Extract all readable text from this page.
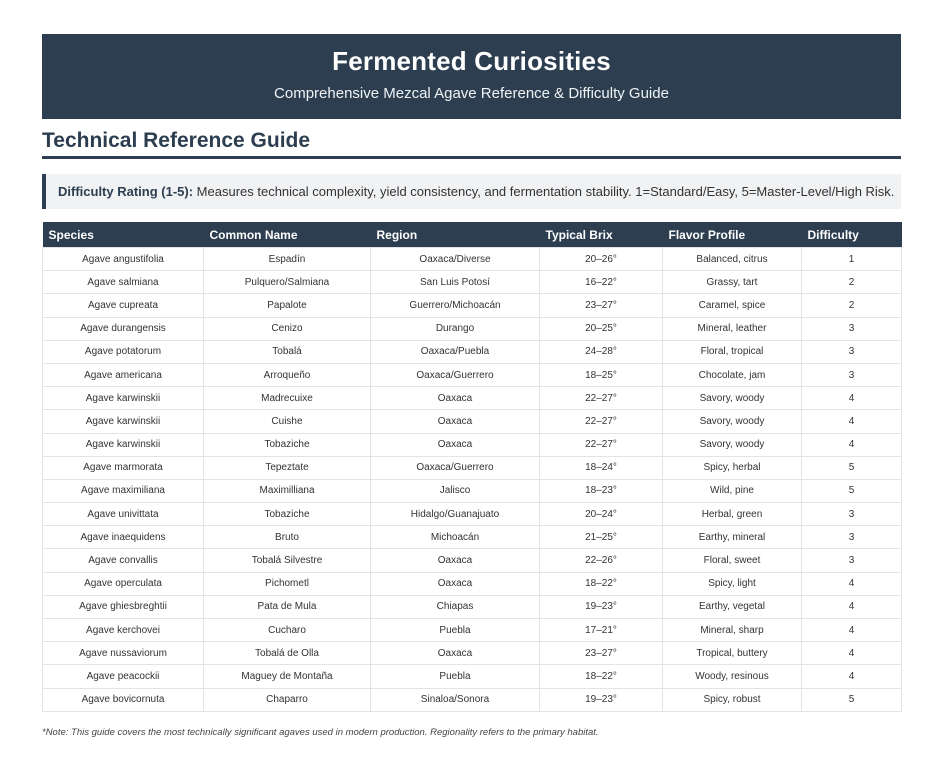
Fermented Curiosities
Comprehensive Mezcal Agave Reference & Difficulty Guide
Technical Reference Guide
Difficulty Rating (1-5): Measures technical complexity, yield consistency, and fermentation stability. 1=Standard/Easy, 5=Master-Level/High Risk.
Species	Common Name	Region	Typical Brix	Flavor Profile	Difficulty
Agave angustifolia	Espadín	Oaxaca/Diverse	20–26°	Balanced, citrus	1
Agave salmiana	Pulquero/Salmiana	San Luis Potosí	16–22°	Grassy, tart	2
Agave cupreata	Papalote	Guerrero/Michoacán	23–27°	Caramel, spice	2
Agave durangensis	Cenizo	Durango	20–25°	Mineral, leather	3
Agave potatorum	Tobalá	Oaxaca/Puebla	24–28°	Floral, tropical	3
Agave americana	Arroqueño	Oaxaca/Guerrero	18–25°	Chocolate, jam	3
Agave karwinskii	Madrecuixe	Oaxaca	22–27°	Savory, woody	4
Agave karwinskii	Cuishe	Oaxaca	22–27°	Savory, woody	4
Agave karwinskii	Tobaziche	Oaxaca	22–27°	Savory, woody	4
Agave marmorata	Tepeztate	Oaxaca/Guerrero	18–24°	Spicy, herbal	5
Agave maximiliana	Maximilliana	Jalisco	18–23°	Wild, pine	5
Agave univittata	Tobaziche	Hidalgo/Guanajuato	20–24°	Herbal, green	3
Agave inaequidens	Bruto	Michoacán	21–25°	Earthy, mineral	3
Agave convallis	Tobalá Silvestre	Oaxaca	22–26°	Floral, sweet	3
Agave operculata	Pichometl	Oaxaca	18–22°	Spicy, light	4
Agave ghiesbreghtii	Pata de Mula	Chiapas	19–23°	Earthy, vegetal	4
Agave kerchovei	Cucharo	Puebla	17–21°	Mineral, sharp	4
Agave nussaviorum	Tobalá de Olla	Oaxaca	23–27°	Tropical, buttery	4
Agave peacockii	Maguey de Montaña	Puebla	18–22°	Woody, resinous	4
Agave bovicornuta	Chaparro	Sinaloa/Sonora	19–23°	Spicy, robust	5
*Note: This guide covers the most technically significant agaves used in modern production. Regionality refers to the primary habitat.
